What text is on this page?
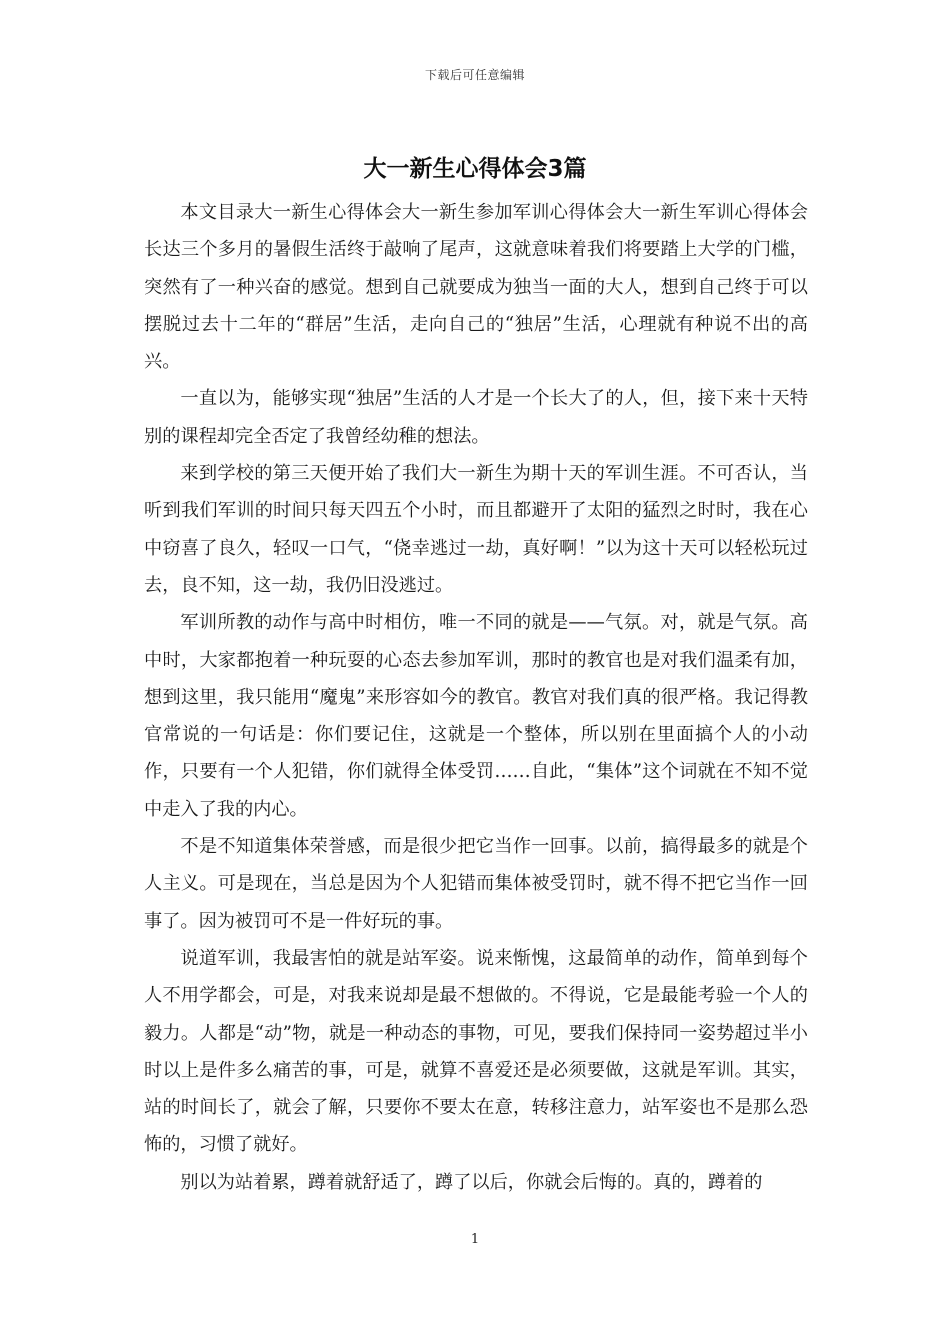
下载后可任意编辑
大一新生心得体会3篇

本文目录大一新生心得体会大一新生参加军训心得体会大一新生军训心得体会长达三个多月的暑假生活终于敲响了尾声，这就意味着我们将要踏上大学的门槛，突然有了一种兴奋的感觉。想到自己就要成为独当一面的大人，想到自己终于可以摆脱过去十二年的“群居”生活，走向自己的“独居”生活，心理就有种说不出的高兴。

一直以为，能够实现“独居”生活的人才是一个长大了的人，但，接下来十天特别的课程却完全否定了我曾经幼稚的想法。

来到学校的第三天便开始了我们大一新生为期十天的军训生涯。不可否认，当听到我们军训的时间只每天四五个小时，而且都避开了太阳的猛烈之时时，我在心中窃喜了良久，轻叹一口气，“侥幸逃过一劫，真好啊！”以为这十天可以轻松玩过去，良不知，这一劫，我仍旧没逃过。

军训所教的动作与高中时相仿，唯一不同的就是——气氛。对，就是气氛。高中时，大家都抱着一种玩耍的心态去参加军训，那时的教官也是对我们温柔有加，想到这里，我只能用“魔鬼”来形容如今的教官。教官对我们真的很严格。我记得教官常说的一句话是：你们要记住，这就是一个整体，所以别在里面搞个人的小动作，只要有一个人犯错，你们就得全体受罚……自此，“集体”这个词就在不知不觉中走入了我的内心。

不是不知道集体荣誉感，而是很少把它当作一回事。以前，搞得最多的就是个人主义。可是现在，当总是因为个人犯错而集体被受罚时，就不得不把它当作一回事了。因为被罚可不是一件好玩的事。

说道军训，我最害怕的就是站军姿。说来惭愧，这最简单的动作，简单到每个人不用学都会，可是，对我来说却是最不想做的。不得说，它是最能考验一个人的毅力。人都是“动”物，就是一种动态的事物，可见，要我们保持同一姿势超过半小时以上是件多么痛苦的事，可是，就算不喜爱还是必须要做，这就是军训。其实，站的时间长了，就会了解，只要你不要太在意，转移注意力，站军姿也不是那么恐怖的，习惯了就好。

别以为站着累，蹲着就舒适了，蹲了以后，你就会后悔的。真的，蹲着的

1
